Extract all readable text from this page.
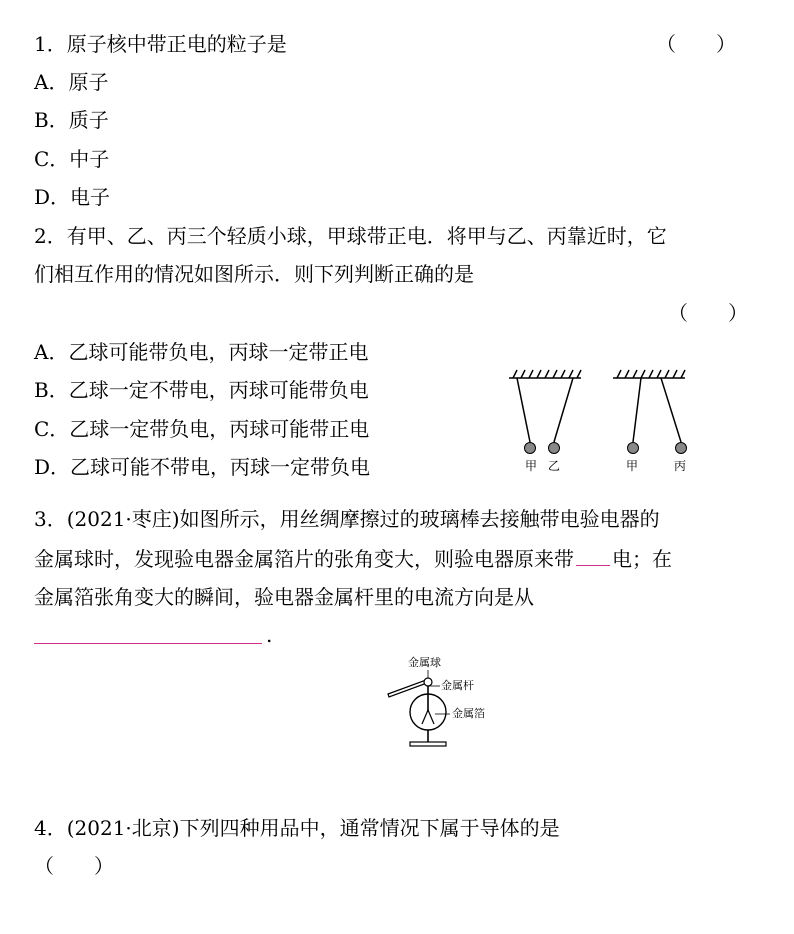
1．原子核中带正电的粒子是	（　　）
A．原子
B．质子
C．中子
D．电子
2．有甲、乙、丙三个轻质小球，甲球带正电．将甲与乙、丙靠近时，它
们相互作用的情况如图所示．则下列判断正确的是
（　　）
A．乙球可能带负电，丙球一定带正电
B．乙球一定不带电，丙球可能带负电
C．乙球一定带负电，丙球可能带正电
D．乙球可能不带电，丙球一定带负电	甲 乙	甲	丙
3．(2021·枣庄)如图所示，用丝绸摩擦过的玻璃棒去接触带电验电器的
金属球时，发现验电器金属箔片的张角变大，则验电器原来带 电；在
金属箔张角变大的瞬间，验电器金属杆里的电流方向是从
.
金属球
金属杆
金属箔
4．(2021·北京)下列四种用品中，通常情况下属于导体的是
（　　）
